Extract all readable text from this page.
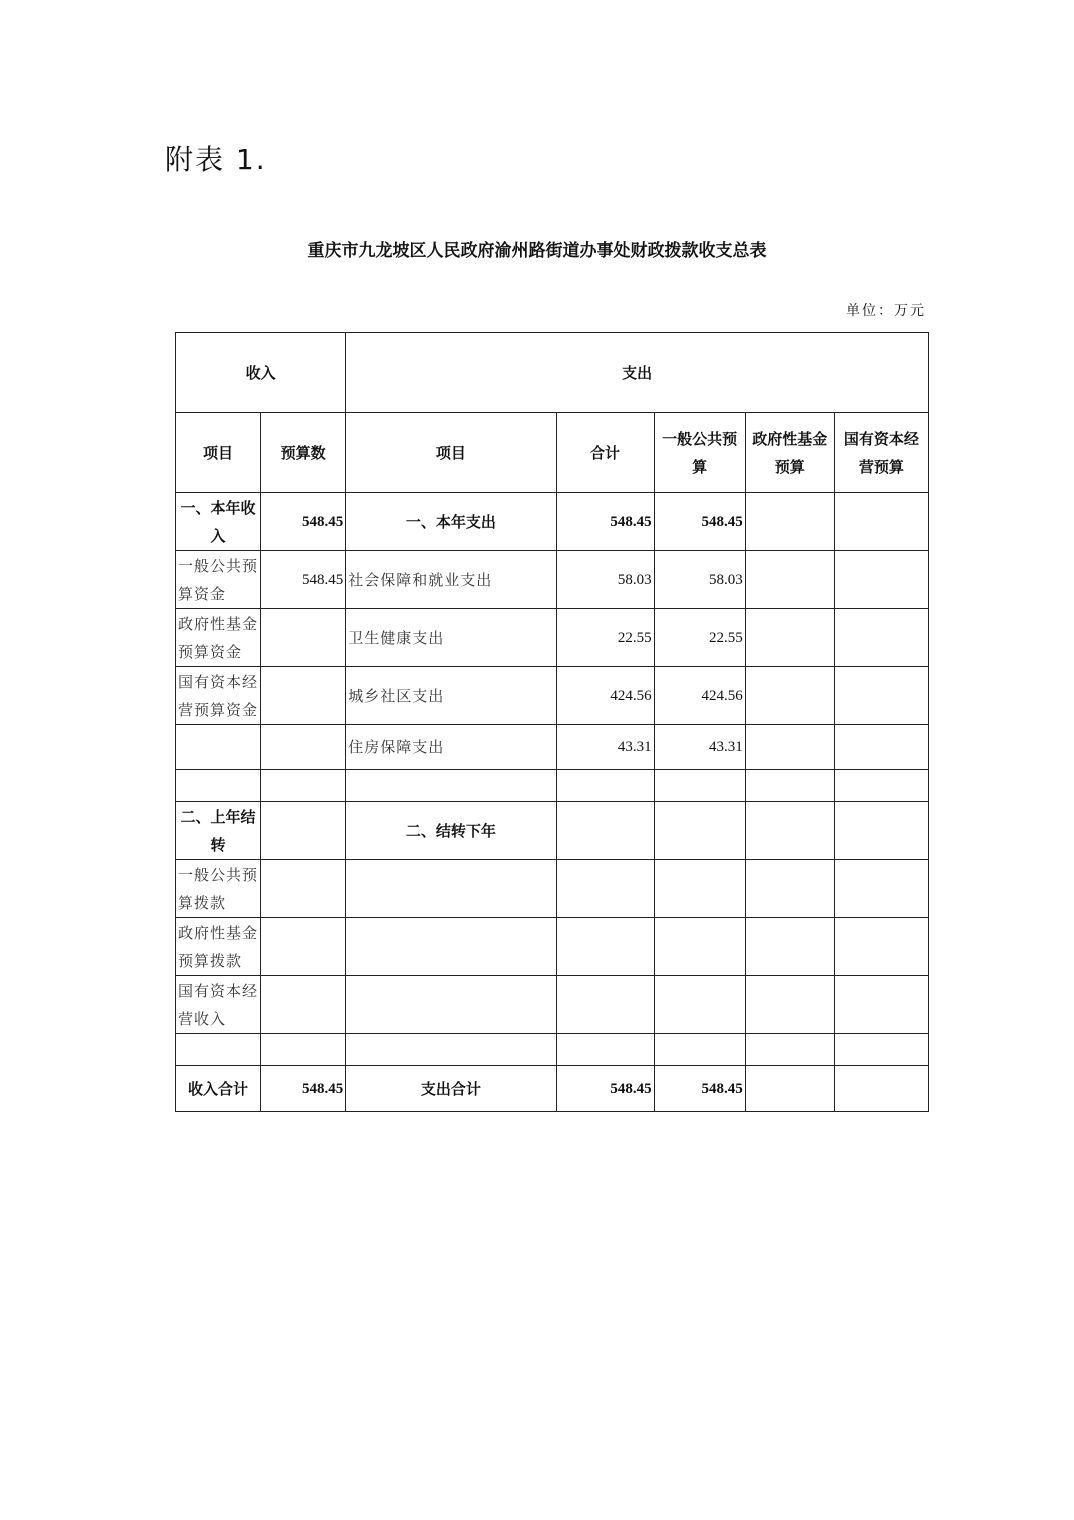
附表 1.
重庆市九龙坡区人民政府渝州路街道办事处财政拨款收支总表
单位：万元
收入		支出				
项目	预算数	项目	合计	一般公共预算	政府性基金预算	国有资本经营预算
一、本年收入	548.45	一、本年支出	548.45	548.45		
一般公共预算资金	548.45	社会保障和就业支出	58.03	58.03		
政府性基金预算资金		卫生健康支出	22.55	22.55		
国有资本经营预算资金		城乡社区支出	424.56	424.56		
		住房保障支出	43.31	43.31		

二、上年结转		二、结转下年				
一般公共预算拨款						
政府性基金预算拨款						
国有资本经营收入						

收入合计	548.45	支出合计	548.45	548.45		
